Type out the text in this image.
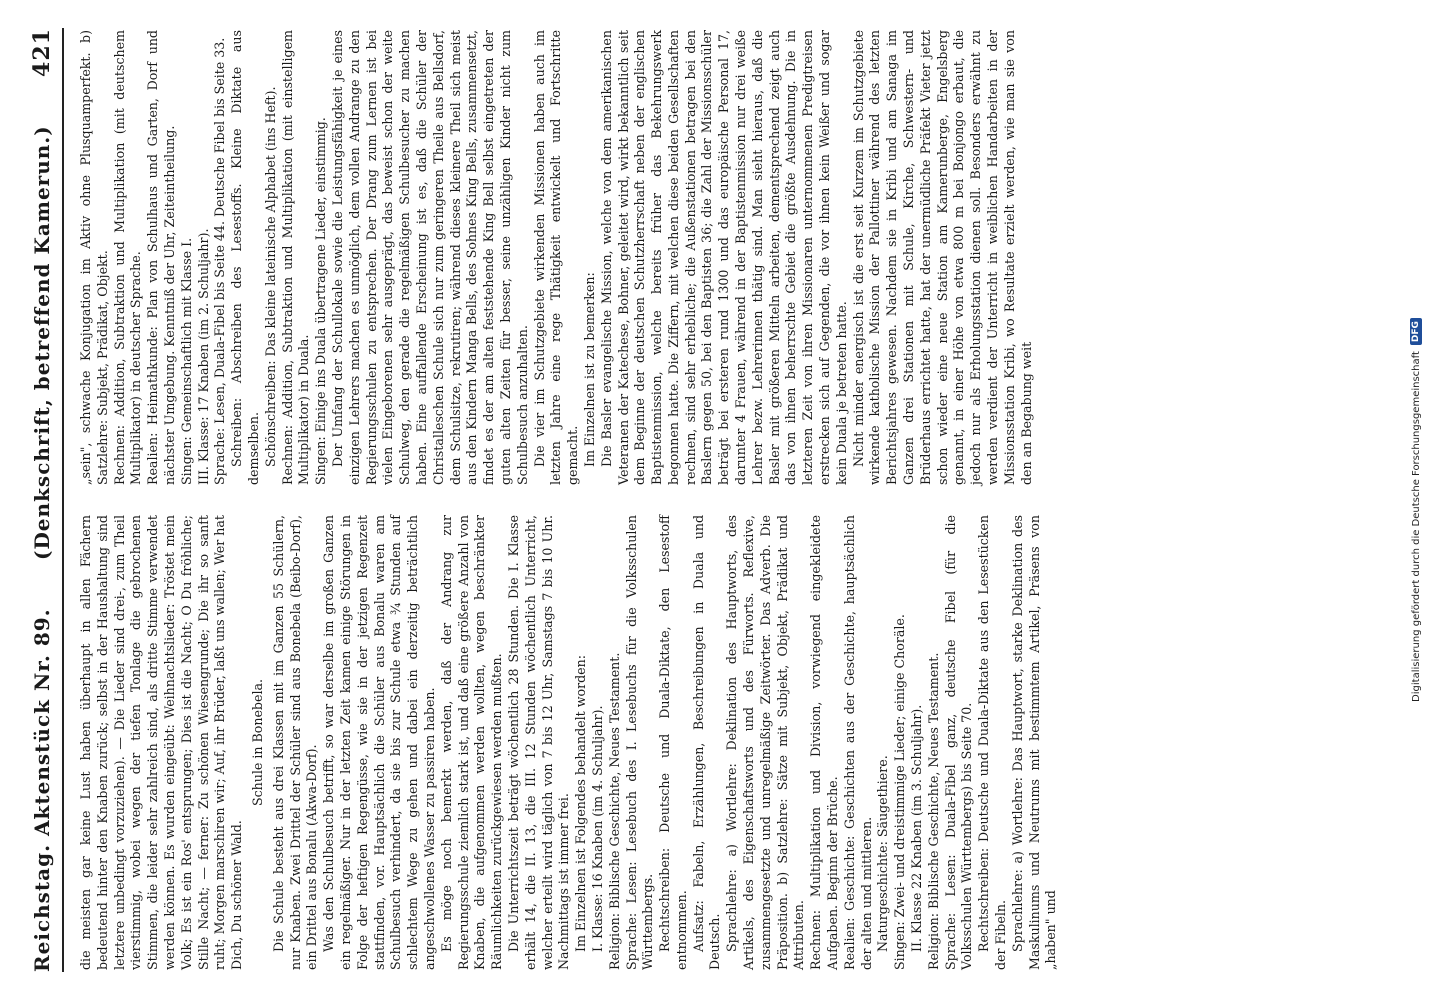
Reichstag. Aktenstück Nr. 89.
(Denkschrift, betreffend Kamerun.)
421

die meisten gar keine Lust haben überhaupt in allen Fächern bedeutend hinter den Knaben zurück; selbst in der Haushaltung sind letztere unbedingt vorzuziehen). — Die Lieder sind drei-, zum Theil vierstimmig, wobei wegen der tiefen Tonlage die gebrochenen Stimmen, die leider sehr zahlreich sind, als dritte Stimme verwendet werden können. Es wurden eingeübt: Weihnachtslieder: Tröstet mein Volk; Es ist ein Ros' entsprungen; Dies ist die Nacht; O Du fröhliche; Stille Nacht; — ferner: Zu schönen Wiesengrunde; Die ihr so sanft ruht; Morgen marschiren wir; Auf, ihr Brüder, laßt uns wallen; Wer hat Dich, Du schöner Wald.

Schule in Bonebela. Die Schule besteht aus drei Klassen mit im Ganzen 55 Schülern, nur Knaben. Zwei Drittel der Schüler sind aus Bonebela (Beibo-Dorf), ein Drittel aus Bonalu (Akwa-Dorf). Was den Schulbesuch betrifft, so war derselbe im großen Ganzen ein regelmäßiger. Nur in der letzten Zeit kamen einige Störungen in Folge der heftigen Regengüsse, wie sie in der jetzigen Regenzeit stattfinden, vor. Hauptsächlich die Schüler aus Bonalu waren am Schulbesuch verhindert, da sie bis zur Schule etwa ¾ Stunden auf schlechtem Wege zu gehen und dabei ein derzeitig beträchtlich angeschwollenes Wasser zu passiren haben. Es möge noch bemerkt werden, daß der Andrang zur Regierungsschule ziemlich stark ist, und daß eine größere Anzahl von Knaben, die aufgenommen werden wollten, wegen beschränkter Räumlichkeiten zurückgewiesen werden mußten. Die Unterrichtszeit beträgt wöchentlich 28 Stunden. Die I. Klasse erhält 14, die II. 13, die III. 12 Stunden wöchentlich Unterricht, welcher erteilt wird täglich von 7 bis 12 Uhr, Samstags 7 bis 10 Uhr. Nachmittags ist immer frei. Im Einzelnen ist Folgendes behandelt worden: I. Klasse: 16 Knaben (im 4. Schuljahr). Religion: Biblische Geschichte, Neues Testament. Sprache: Lesen: Lesebuch des I. Lesebuchs für die Volksschulen Württembergs. Rechtschreiben: Deutsche und Duala-Diktate, den Lesestoff entnommen. Aufsatz: Fabeln, Erzählungen, Beschreibungen in Duala und Deutsch. Sprachlehre: a) Wortlehre: Deklination des Hauptworts, des Artikels, des Eigenschaftsworts und des Fürworts. Reflexive, zusammengesetzte und unregelmäßige Zeitwörter. Das Adverb. Die Präposition. b) Satzlehre: Sätze mit Subjekt, Objekt, Prädikat und Attributen. Rechnen: Multiplikation und Division, vorwiegend eingekleidete Aufgaben. Beginn der Brüche. Realien: Geschichte: Geschichten aus der Geschichte, hauptsächlich der alten und mittleren. Naturgeschichte: Säugethiere. Singen: Zwei- und dreistimmige Lieder; einige Choräle. II. Klasse 22 Knaben (im 3. Schuljahr). Religion: Biblische Geschichte, Neues Testament. Sprache: Lesen: Duala-Fibel ganz, deutsche Fibel (für die Volksschulen Württembergs) bis Seite 70. Rechtschreiben: Deutsche und Duala-Diktate aus den Lesestücken der Fibeln. Sprachlehre: a) Wortlehre: Das Hauptwort, starke Deklination des Maskulinums und Neutrums mit bestimmtem Artikel, Präsens von „haben" und

„sein", schwache Konjugation im Aktiv ohne Plusquamperfekt. b) Satzlehre: Subjekt, Prädikat, Objekt. Rechnen: Addition, Subtraktion und Multiplikation (mit deutschem Multiplikator) in deutscher Sprache. Realien: Heimathkunde: Plan von Schulhaus und Garten, Dorf und nächster Umgebung. Kenntniß der Uhr, Zeiteintheilung. Singen: Gemeinschaftlich mit Klasse I. III. Klasse: 17 Knaben (im 2. Schuljahr). Sprache: Lesen, Duala-Fibel bis Seite 44. Deutsche Fibel bis Seite 33. Schreiben: Abschreiben des Lesestoffs. Kleine Diktate aus demselben. Schönschreiben: Das kleine lateinische Alphabet (ins Heft). Rechnen: Addition, Subtraktion und Multiplikation (mit einstelligem Multiplikator) in Duala. Singen: Einige ins Duala übertragene Lieder, einstimmig. Der Umfang der Schullokale sowie die Leistungsfähigkeit je eines einzigen Lehrers machen es unmöglich, dem vollen Andrange zu den Regierungsschulen zu entsprechen. Der Drang zum Lernen ist bei vielen Eingeborenen sehr ausgeprägt, das beweist schon der weite Schulweg, den gerade die regelmäßigen Schulbesucher zu machen haben. Eine auffallende Erscheinung ist es, daß die Schüler der Christalleschen Schule sich nur zum geringeren Theile aus Bellsdorf, dem Schulsitze, rekrutiren; während dieses kleinere Theil sich meist aus den Kindern Manga Bells, des Sohnes King Bells, zusammensetzt, findet es der am alten feststehende King Bell selbst eingetreten der guten alten Zeiten für besser, seine unzähligen Kinder nicht zum Schulbesuch anzuhalten. Die vier im Schutzgebiete wirkenden Missionen haben auch im letzten Jahre eine rege Thätigkeit entwickelt und Fortschritte gemacht. Im Einzelnen ist zu bemerken: Die Basler evangelische Mission, welche von dem amerikanischen Veteranen der Katechese, Bohner, geleitet wird, wirkt bekanntlich seit dem Beginne der deutschen Schutzherrschaft neben der englischen Baptistenmission, welche bereits früher das Bekehrungswerk begonnen hatte. Die Ziffern, mit welchen diese beiden Gesellschaften rechnen, sind sehr erhebliche; die Außenstationen betragen bei den Baslern gegen 50, bei den Baptisten 36; die Zahl der Missionsschüler beträgt bei ersteren rund 1300 und das europäische Personal 17, darunter 4 Frauen, während in der Baptistenmission nur drei weiße Lehrer bezw. Lehrerinnen thätig sind. Man sieht hieraus, daß die Basler mit größeren Mitteln arbeiten, dementsprechend zeigt auch das von ihnen beherrschte Gebiet die größte Ausdehnung. Die in letzteren Zeit von ihren Missionaren unternommenen Predigtreisen erstrecken sich auf Gegenden, die vor ihnen kein Weißer und sogar kein Duala je betreten hatte. Nicht minder energisch ist die erst seit Kurzem im Schutzgebiete wirkende katholische Mission der Pallottiner während des letzten Berichtsjahres gewesen. Nachdem sie in Kribi und am Sanaga im Ganzen drei Stationen mit Schule, Kirche, Schwestern- und Brüderhaus errichtet hatte, hat der unermüdliche Präfekt Vieter jetzt schon wieder eine neue Station am Kamerunberge, Engelsberg genannt, in einer Höhe von etwa 800 m bei Bonjongo erbaut, die jedoch nur als Erholungsstation dienen soll. Besonders erwähnt zu werden verdient der Unterricht in weiblichen Handarbeiten in der Missionsstation Kribi, wo Resultate erzielt werden, wie man sie von den an Begabung weit	Digitalisierung gefördert durch die Deutsche Forschungsgemeinschaft
DFG
